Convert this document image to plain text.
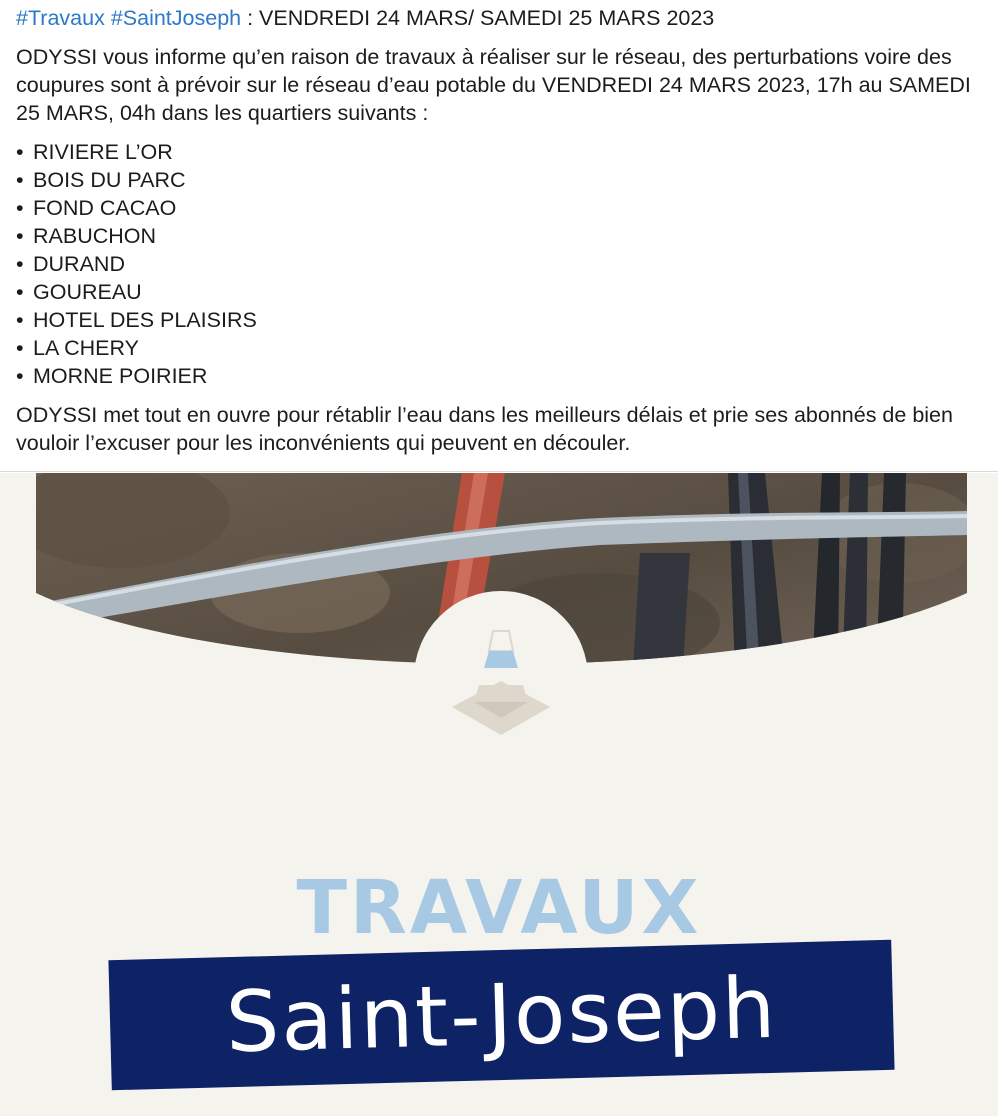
#Travaux #SaintJoseph : VENDREDI 24 MARS/ SAMEDI 25 MARS 2023

ODYSSI vous informe qu’en raison de travaux à réaliser sur le réseau, des perturbations voire des coupures sont à prévoir sur le réseau d’eau potable du VENDREDI 24 MARS 2023, 17h au SAMEDI 25 MARS, 04h dans les quartiers suivants :

• RIVIERE L’OR
• BOIS DU PARC
• FOND CACAO
• RABUCHON
• DURAND
• GOUREAU
• HOTEL DES PLAISIRS
• LA CHERY
• MORNE POIRIER

ODYSSI met tout en ouvre pour rétablir l’eau dans les meilleurs délais et prie ses abonnés de bien vouloir l’excuser pour les inconvénients qui peuvent en découler.

TRAVAUX
Saint-Joseph
